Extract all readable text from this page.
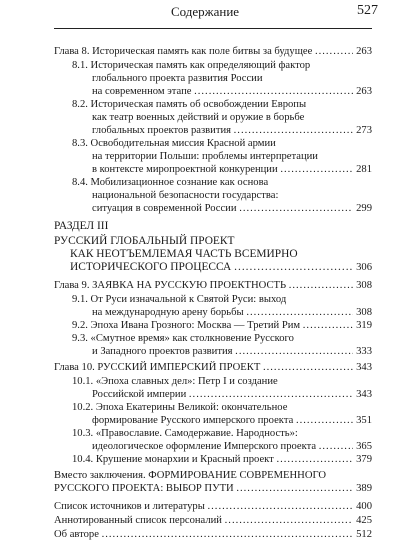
Содержание	527
Глава 8. Историческая память как поле битвы за будущее	263
.....
8.1. Историческая память как определяющий фактор
глобального проекта развития России
на современном этапе	263
.....
8.2. Историческая память об освобождении Европы
как театр военных действий и оружие в борьбе
глобальных проектов развития	273
.....
8.3. Освободительная миссия Красной армии
на территории Польши: проблемы интерпретации
в контексте миропроектной конкуренции	281
.....
8.4. Мобилизационное сознание как основа
национальной безопасности государства:
ситуация в современной России	299
.....
РАЗДЕЛ III
РУССКИЙ ГЛОБАЛЬНЫЙ ПРОЕКТ
КАК НЕОТЪЕМЛЕМАЯ ЧАСТЬ ВСЕМИРНО
ИСТОРИЧЕСКОГО ПРОЦЕССА	306
.....
Глава 9. ЗАЯВКА НА РУССКУЮ ПРОЕКТНОСТЬ	308
.....
9.1. От Руси изначальной к Святой Руси: выход
на международную арену борьбы	308
.....
9.2. Эпоха Ивана Грозного: Москва — Третий Рим	319
.....
9.3. «Смутное время» как столкновение Русского
и Западного проектов развития	333
.....
Глава 10. РУССКИЙ ИМПЕРСКИЙ ПРОЕКТ	343
.....
10.1. «Эпоха славных дел»: Петр I и создание
Российской империи	343
.....
10.2. Эпоха Екатерины Великой: окончательное
формирование Русского имперского проекта	351
.....
10.3. «Православие. Самодержавие. Народность»:
идеологическое оформление Имперского проекта	365
.....
10.4. Крушение монархии и Красный проект	379
.....
Вместо заключения. ФОРМИРОВАНИЕ СОВРЕМЕННОГО
РУССКОГО ПРОЕКТА: ВЫБОР ПУТИ	389
.....
Список источников и литературы	400
.....
Аннотированный список персоналий	425
.....
Об авторе	512
.....
